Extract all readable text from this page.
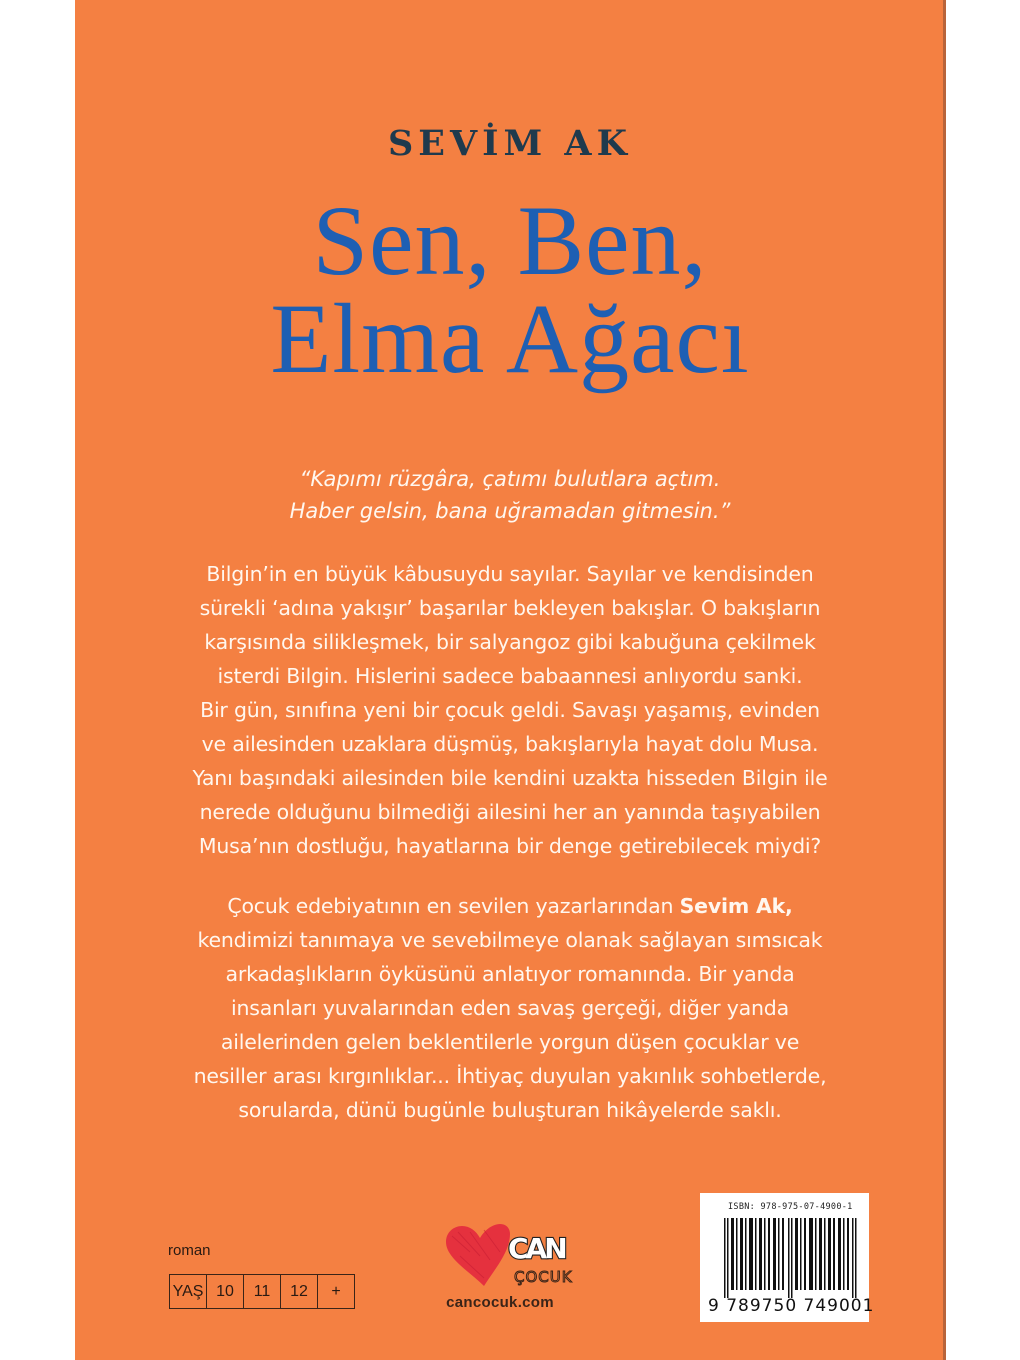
SEVİM AK
Sen, Ben,
Elma Ağacı
“Kapımı rüzgâra, çatımı bulutlara açtım.
Haber gelsin, bana uğramadan gitmesin.”
Bilgin’in en büyük kâbusuydu sayılar. Sayılar ve kendisinden
sürekli ‘adına yakışır’ başarılar bekleyen bakışlar. O bakışların
karşısında silikleşmek, bir salyangoz gibi kabuğuna çekilmek
isterdi Bilgin. Hislerini sadece babaannesi anlıyordu sanki.
Bir gün, sınıfına yeni bir çocuk geldi. Savaşı yaşamış, evinden
ve ailesinden uzaklara düşmüş, bakışlarıyla hayat dolu Musa.
Yanı başındaki ailesinden bile kendini uzakta hisseden Bilgin ile
nerede olduğunu bilmediği ailesini her an yanında taşıyabilen
Musa’nın dostluğu, hayatlarına bir denge getirebilecek miydi?
Çocuk edebiyatının en sevilen yazarlarından Sevim Ak,
kendimizi tanımaya ve sevebilmeye olanak sağlayan sımsıcak
arkadaşlıkların öyküsünü anlatıyor romanında. Bir yanda
insanları yuvalarından eden savaş gerçeği, diğer yanda
ailelerinden gelen beklentilerle yorgun düşen çocuklar ve
nesiller arası kırgınlıklar... İhtiyaç duyulan yakınlık sohbetlerde,
sorularda, dünü bugünle buluşturan hikâyelerde saklı.
roman
YAŞ 10	11	12	+
CAN
ÇOCUK
cancocuk.com
ISBN: 978-975-07-4900-1
9 789750 749001
